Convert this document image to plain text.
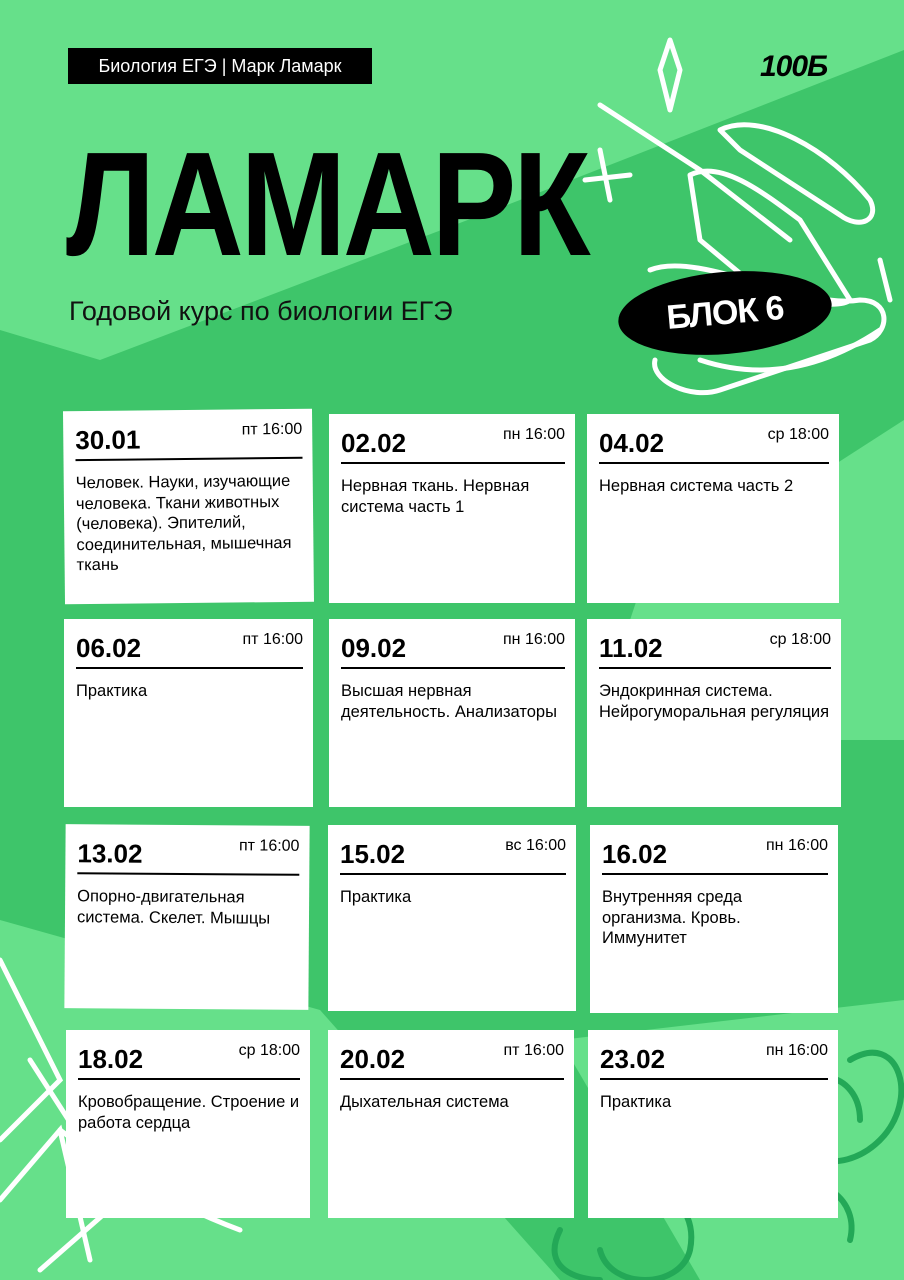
Биология ЕГЭ | Марк Ламарк	100Б
ЛАМАРК
Годовой курс по биологии ЕГЭ	БЛОК 6
30.01	пт 16:00
Человек. Науки, изучающие человека. Ткани животных (человека). Эпителий, соединительная, мышечная ткань
02.02	пн 16:00
Нервная ткань. Нервная система часть 1
04.02	ср 18:00
Нервная система часть 2
06.02	пт 16:00
Практика
09.02	пн 16:00
Высшая нервная деятельность. Анализаторы
11.02	ср 18:00
Эндокринная система. Нейрогуморальная регуляция
13.02	пт 16:00
Опорно-двигательная система. Скелет. Мышцы
15.02	вс 16:00
Практика
16.02	пн 16:00
Внутренняя среда организма. Кровь. Иммунитет
18.02	ср 18:00
Кровобращение. Строение и работа сердца
20.02	пт 16:00
Дыхательная система
23.02	пн 16:00
Практика
